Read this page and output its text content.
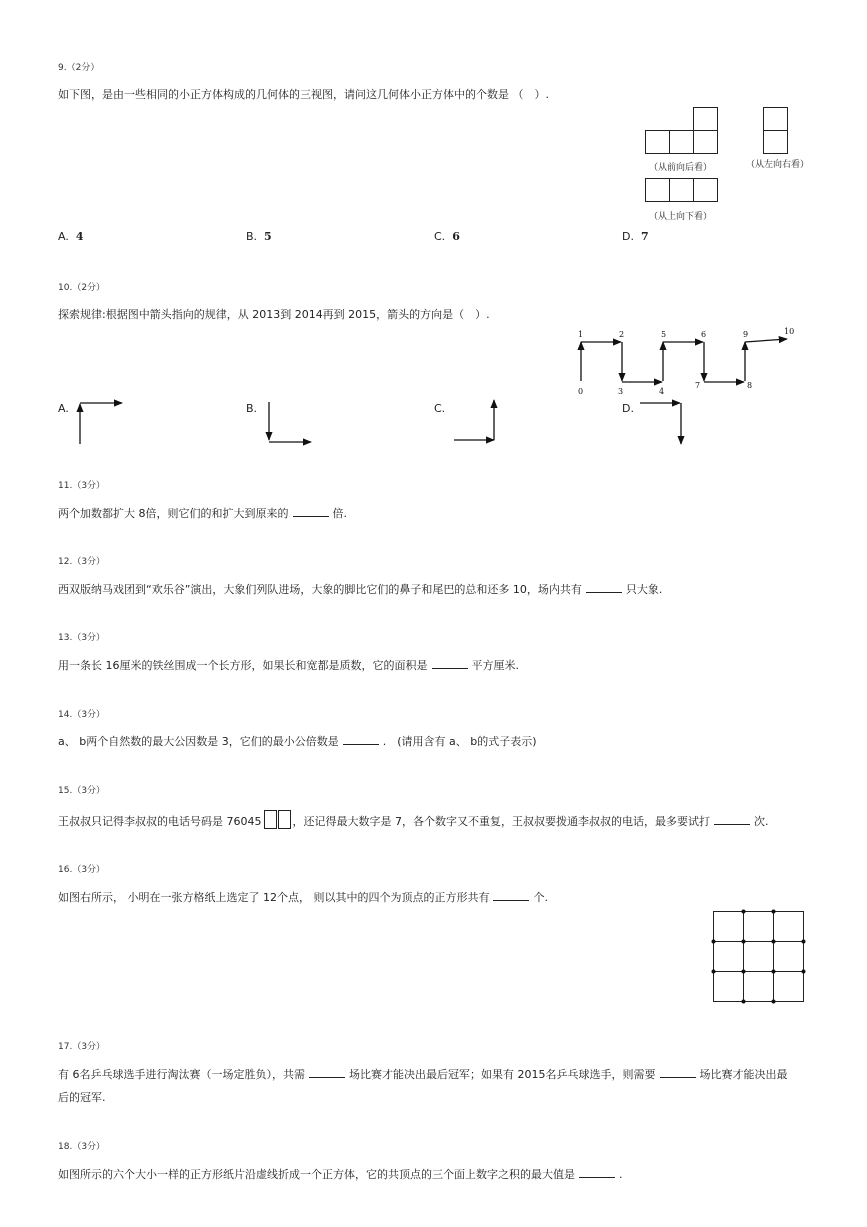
9.（2分）
如下图，是由一些相同的小正方体构成的几何体的三视图，请问这几何体小正方体中的个数是 （　）.
（从前向后看）	（从左向右看）
（从上向下看）
A. 4	B. 5	C. 6	D. 7
10.（2分）
探索规律:根据图中箭头指向的规律，从 2013到 2014再到 2015，箭头的方向是（　）.
0
1	2
3	4
5	6
7	8
9	10
A.	B.	C.	D.
11.（3分）
两个加数都扩大 8倍，则它们的和扩大到原来的	倍.
12.（3分）
西双版纳马戏团到“欢乐谷”演出，大象们列队进场，大象的脚比它们的鼻子和尾巴的总和还多 10，场内共有	只大象.
13.（3分）
用一条长 16厘米的铁丝围成一个长方形，如果长和宽都是质数，它的面积是	平方厘米.
14.（3分）
a、 b两个自然数的最大公因数是 3，它们的最小公倍数是	.　(请用含有 a、 b的式子表示)
15.（3分）
王叔叔只记得李叔叔的电话号码是 76045	，还记得最大数字是 7，各个数字又不重复，王叔叔要拨通李叔叔的电话，最多要试打	次.
16.（3分）
如图右所示， 小明在一张方格纸上选定了 12个点， 则以其中的四个为顶点的正方形共有	个.
17.（3分）
有 6名乒乓球选手进行淘汰赛（一场定胜负），共需	场比赛才能决出最后冠军；如果有 2015名乒乓球选手，则需要	场比赛才能决出最
后的冠军.
18.（3分）
如图所示的六个大小一样的正方形纸片沿虚线折成一个正方体，它的共顶点的三个面上数字之积的最大值是	.
